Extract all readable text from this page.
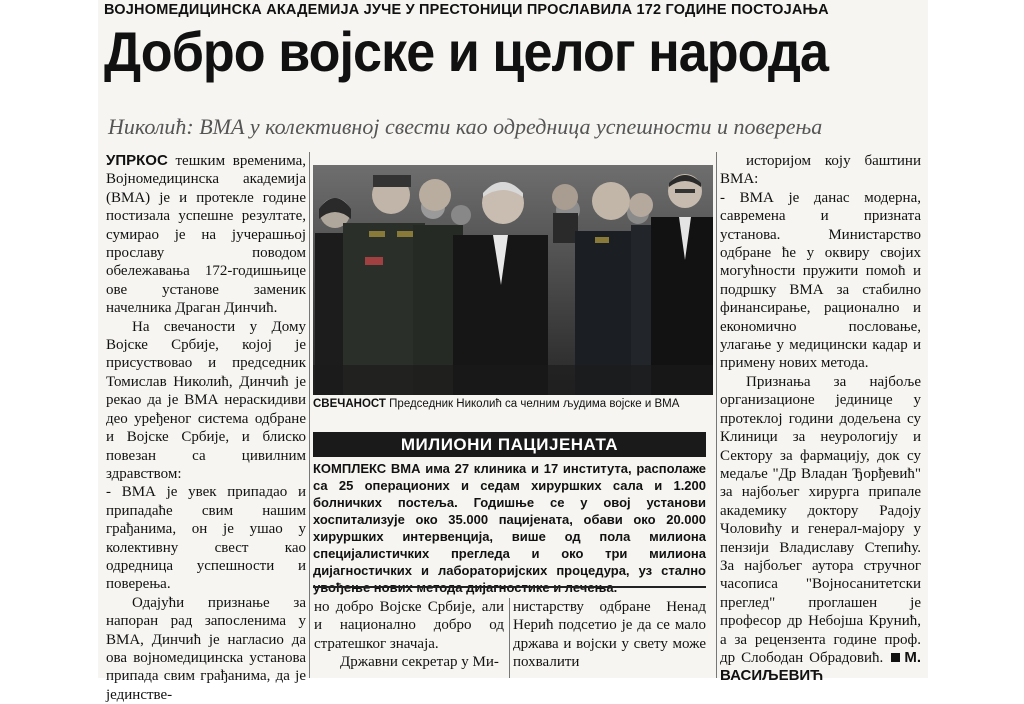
ВОЈНОМЕДИЦИНСКА АКАДЕМИЈА ЈУЧЕ У ПРЕСТОНИЦИ ПРОСЛАВИЛА 172 ГОДИНЕ ПОСТОЈАЊА
Добро војске и целог народа
Николић: ВМА у колективној свести као одредница успешности и поверења

УПРКОС тешким временима, Војномедицинска академија (ВМА) је и протекле године постизала успешне резултате, сумирао је на јучерашњој прославу поводом обележавања 172-годишњице ове установе заменик начелника Драган Динчић.

На свечаности у Дому Војске Србије, којој је присуствовао и председник Томислав Николић, Динчић је рекао да је ВМА нераскидиви део уређеног система одбране и Војске Србије, и блиско повезан са цивилним здравством:

- ВМА је увек припадао и припадаће свим нашим грађанима, он је ушао у колективну свест као одредница успешности и поверења.

Одајући признање за напоран рад запосленима у ВМА, Динчић је нагласио да ова војномедицинска установа припада свим грађанима, да је јединстве-

СВЕЧАНОСТ Председник Николић са челним људима војске и ВМА
МИЛИОНИ ПАЦИЈЕНАТА
КОМПЛЕКС ВМА има 27 клиника и 17 института, располаже са 25 операционих и седам хируршких сала и 1.200 болничких постеља. Годишње се у овој установи хоспитализује око 35.000 пацијената, обави око 20.000 хируршких интервенција, више од пола милиона специјалистичких прегледа и око три милиона дијагностичких и лабораторијских процедура, уз стално

но добро Војске Србије, али и национално добро од стратешког значаја.

Државни секретар у Ми-

нистарству одбране Ненад Нерић подсетио је да се мало држава и војски у свету може похвалити

историјом коју баштини ВМА:

- ВМА је данас модерна, савремена и призната установа. Министарство одбране ће у оквиру својих могућности пружити помоћ и подршку ВМА за стабилно финансирање, рационално и економично пословање, улагање у медицински кадар и примену нових метода.

Признања за најбоље организационе јединице у протеклој години додељена су Клиници за неурологију и Сектору за фармацију, док су медаље "Др Владан Ђорђевић" за најбољег хирурга припале академику доктору Радоју Чоловићу и генерал-мајору у пензији Владиславу Степићу. За најбољег аутора стручног часописа "Војносанитетски преглед" проглашен је професор др Небојша Крунић, а за рецензента године проф. др Слободан Обрадовић. М. ВАСИЉЕВИЋ
